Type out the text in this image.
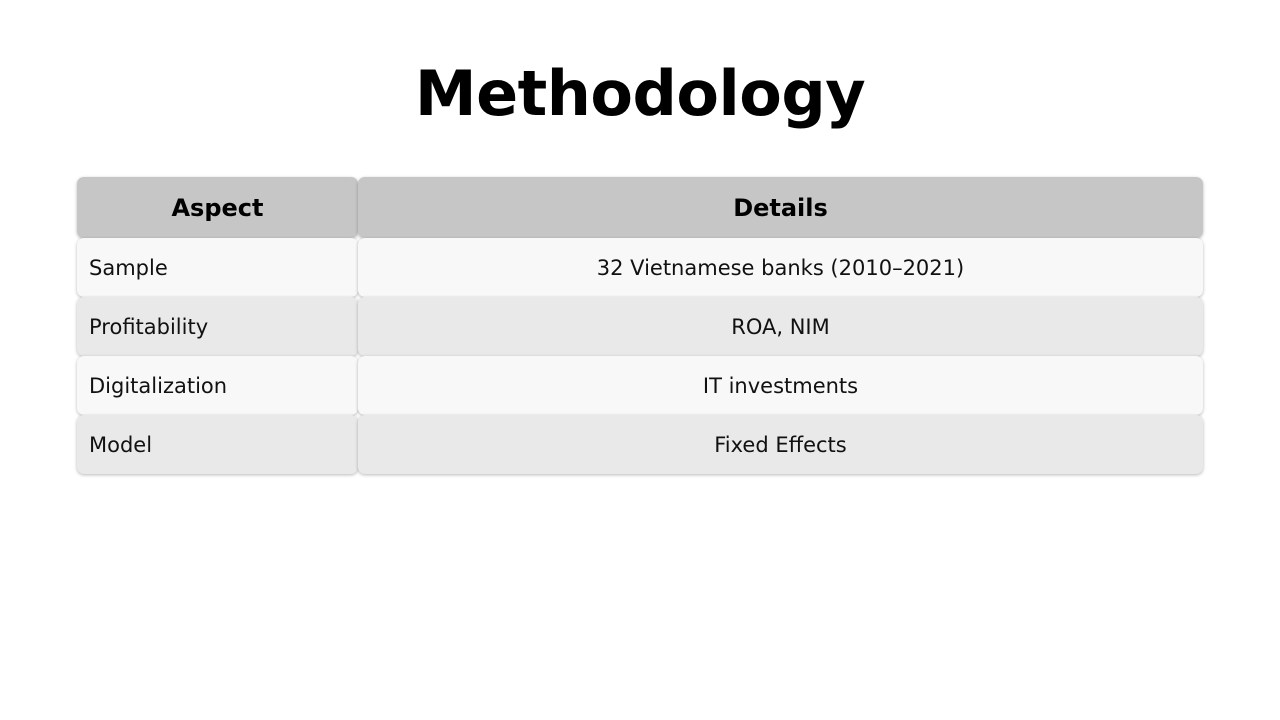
Methodology
Aspect	Details
Sample	32 Vietnamese banks (2010–2021)
Profitability	ROA, NIM
Digitalization	IT investments
Model	Fixed Effects
